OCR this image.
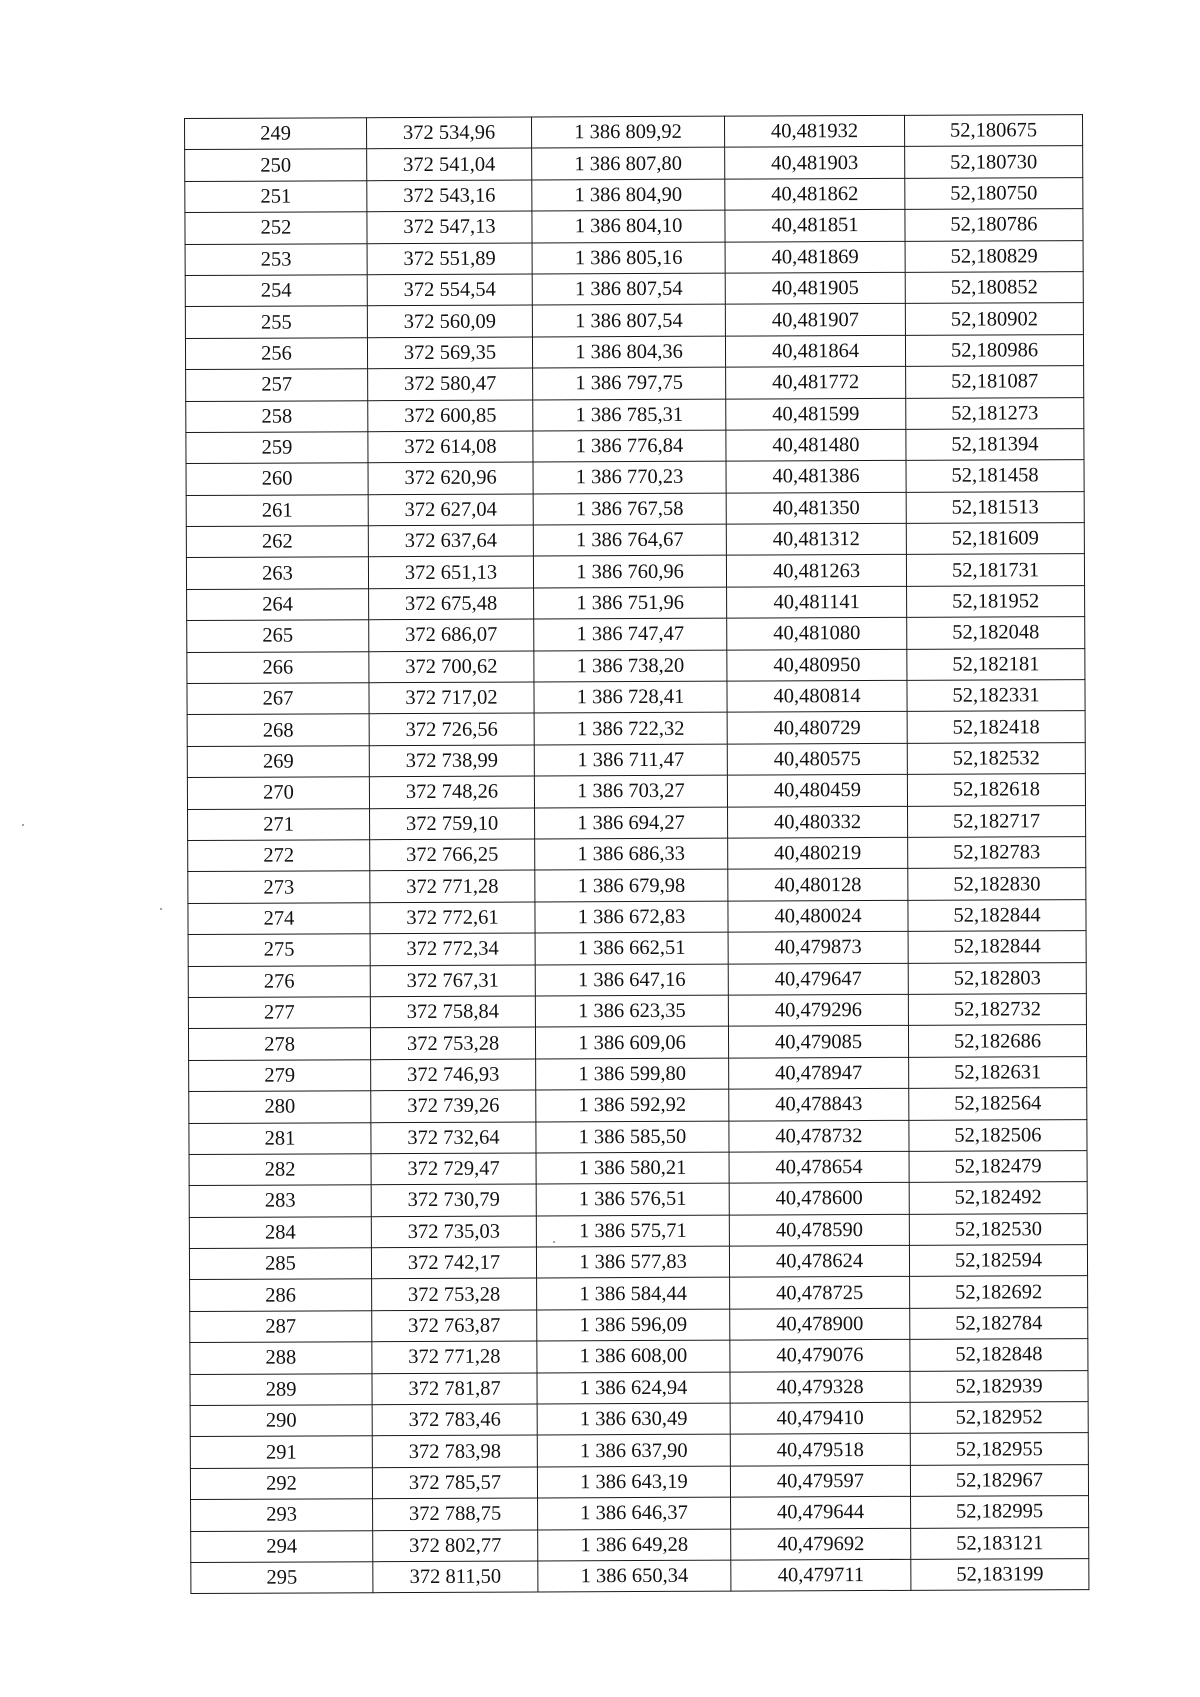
249	372 534,96	1 386 809,92	40,481932	52,180675
250	372 541,04	1 386 807,80	40,481903	52,180730
251	372 543,16	1 386 804,90	40,481862	52,180750
252	372 547,13	1 386 804,10	40,481851	52,180786
253	372 551,89	1 386 805,16	40,481869	52,180829
254	372 554,54	1 386 807,54	40,481905	52,180852
255	372 560,09	1 386 807,54	40,481907	52,180902
256	372 569,35	1 386 804,36	40,481864	52,180986
257	372 580,47	1 386 797,75	40,481772	52,181087
258	372 600,85	1 386 785,31	40,481599	52,181273
259	372 614,08	1 386 776,84	40,481480	52,181394
260	372 620,96	1 386 770,23	40,481386	52,181458
261	372 627,04	1 386 767,58	40,481350	52,181513
262	372 637,64	1 386 764,67	40,481312	52,181609
263	372 651,13	1 386 760,96	40,481263	52,181731
264	372 675,48	1 386 751,96	40,481141	52,181952
265	372 686,07	1 386 747,47	40,481080	52,182048
266	372 700,62	1 386 738,20	40,480950	52,182181
267	372 717,02	1 386 728,41	40,480814	52,182331
268	372 726,56	1 386 722,32	40,480729	52,182418
269	372 738,99	1 386 711,47	40,480575	52,182532
270	372 748,26	1 386 703,27	40,480459	52,182618
271	372 759,10	1 386 694,27	40,480332	52,182717
272	372 766,25	1 386 686,33	40,480219	52,182783
273	372 771,28	1 386 679,98	40,480128	52,182830
274	372 772,61	1 386 672,83	40,480024	52,182844
275	372 772,34	1 386 662,51	40,479873	52,182844
276	372 767,31	1 386 647,16	40,479647	52,182803
277	372 758,84	1 386 623,35	40,479296	52,182732
278	372 753,28	1 386 609,06	40,479085	52,182686
279	372 746,93	1 386 599,80	40,478947	52,182631
280	372 739,26	1 386 592,92	40,478843	52,182564
281	372 732,64	1 386 585,50	40,478732	52,182506
282	372 729,47	1 386 580,21	40,478654	52,182479
283	372 730,79	1 386 576,51	40,478600	52,182492
284	372 735,03	1 386 575,71	40,478590	52,182530
285	372 742,17	1 386 577,83	40,478624	52,182594
286	372 753,28	1 386 584,44	40,478725	52,182692
287	372 763,87	1 386 596,09	40,478900	52,182784
288	372 771,28	1 386 608,00	40,479076	52,182848
289	372 781,87	1 386 624,94	40,479328	52,182939
290	372 783,46	1 386 630,49	40,479410	52,182952
291	372 783,98	1 386 637,90	40,479518	52,182955
292	372 785,57	1 386 643,19	40,479597	52,182967
293	372 788,75	1 386 646,37	40,479644	52,182995
294	372 802,77	1 386 649,28	40,479692	52,183121
295	372 811,50	1 386 650,34	40,479711	52,183199
